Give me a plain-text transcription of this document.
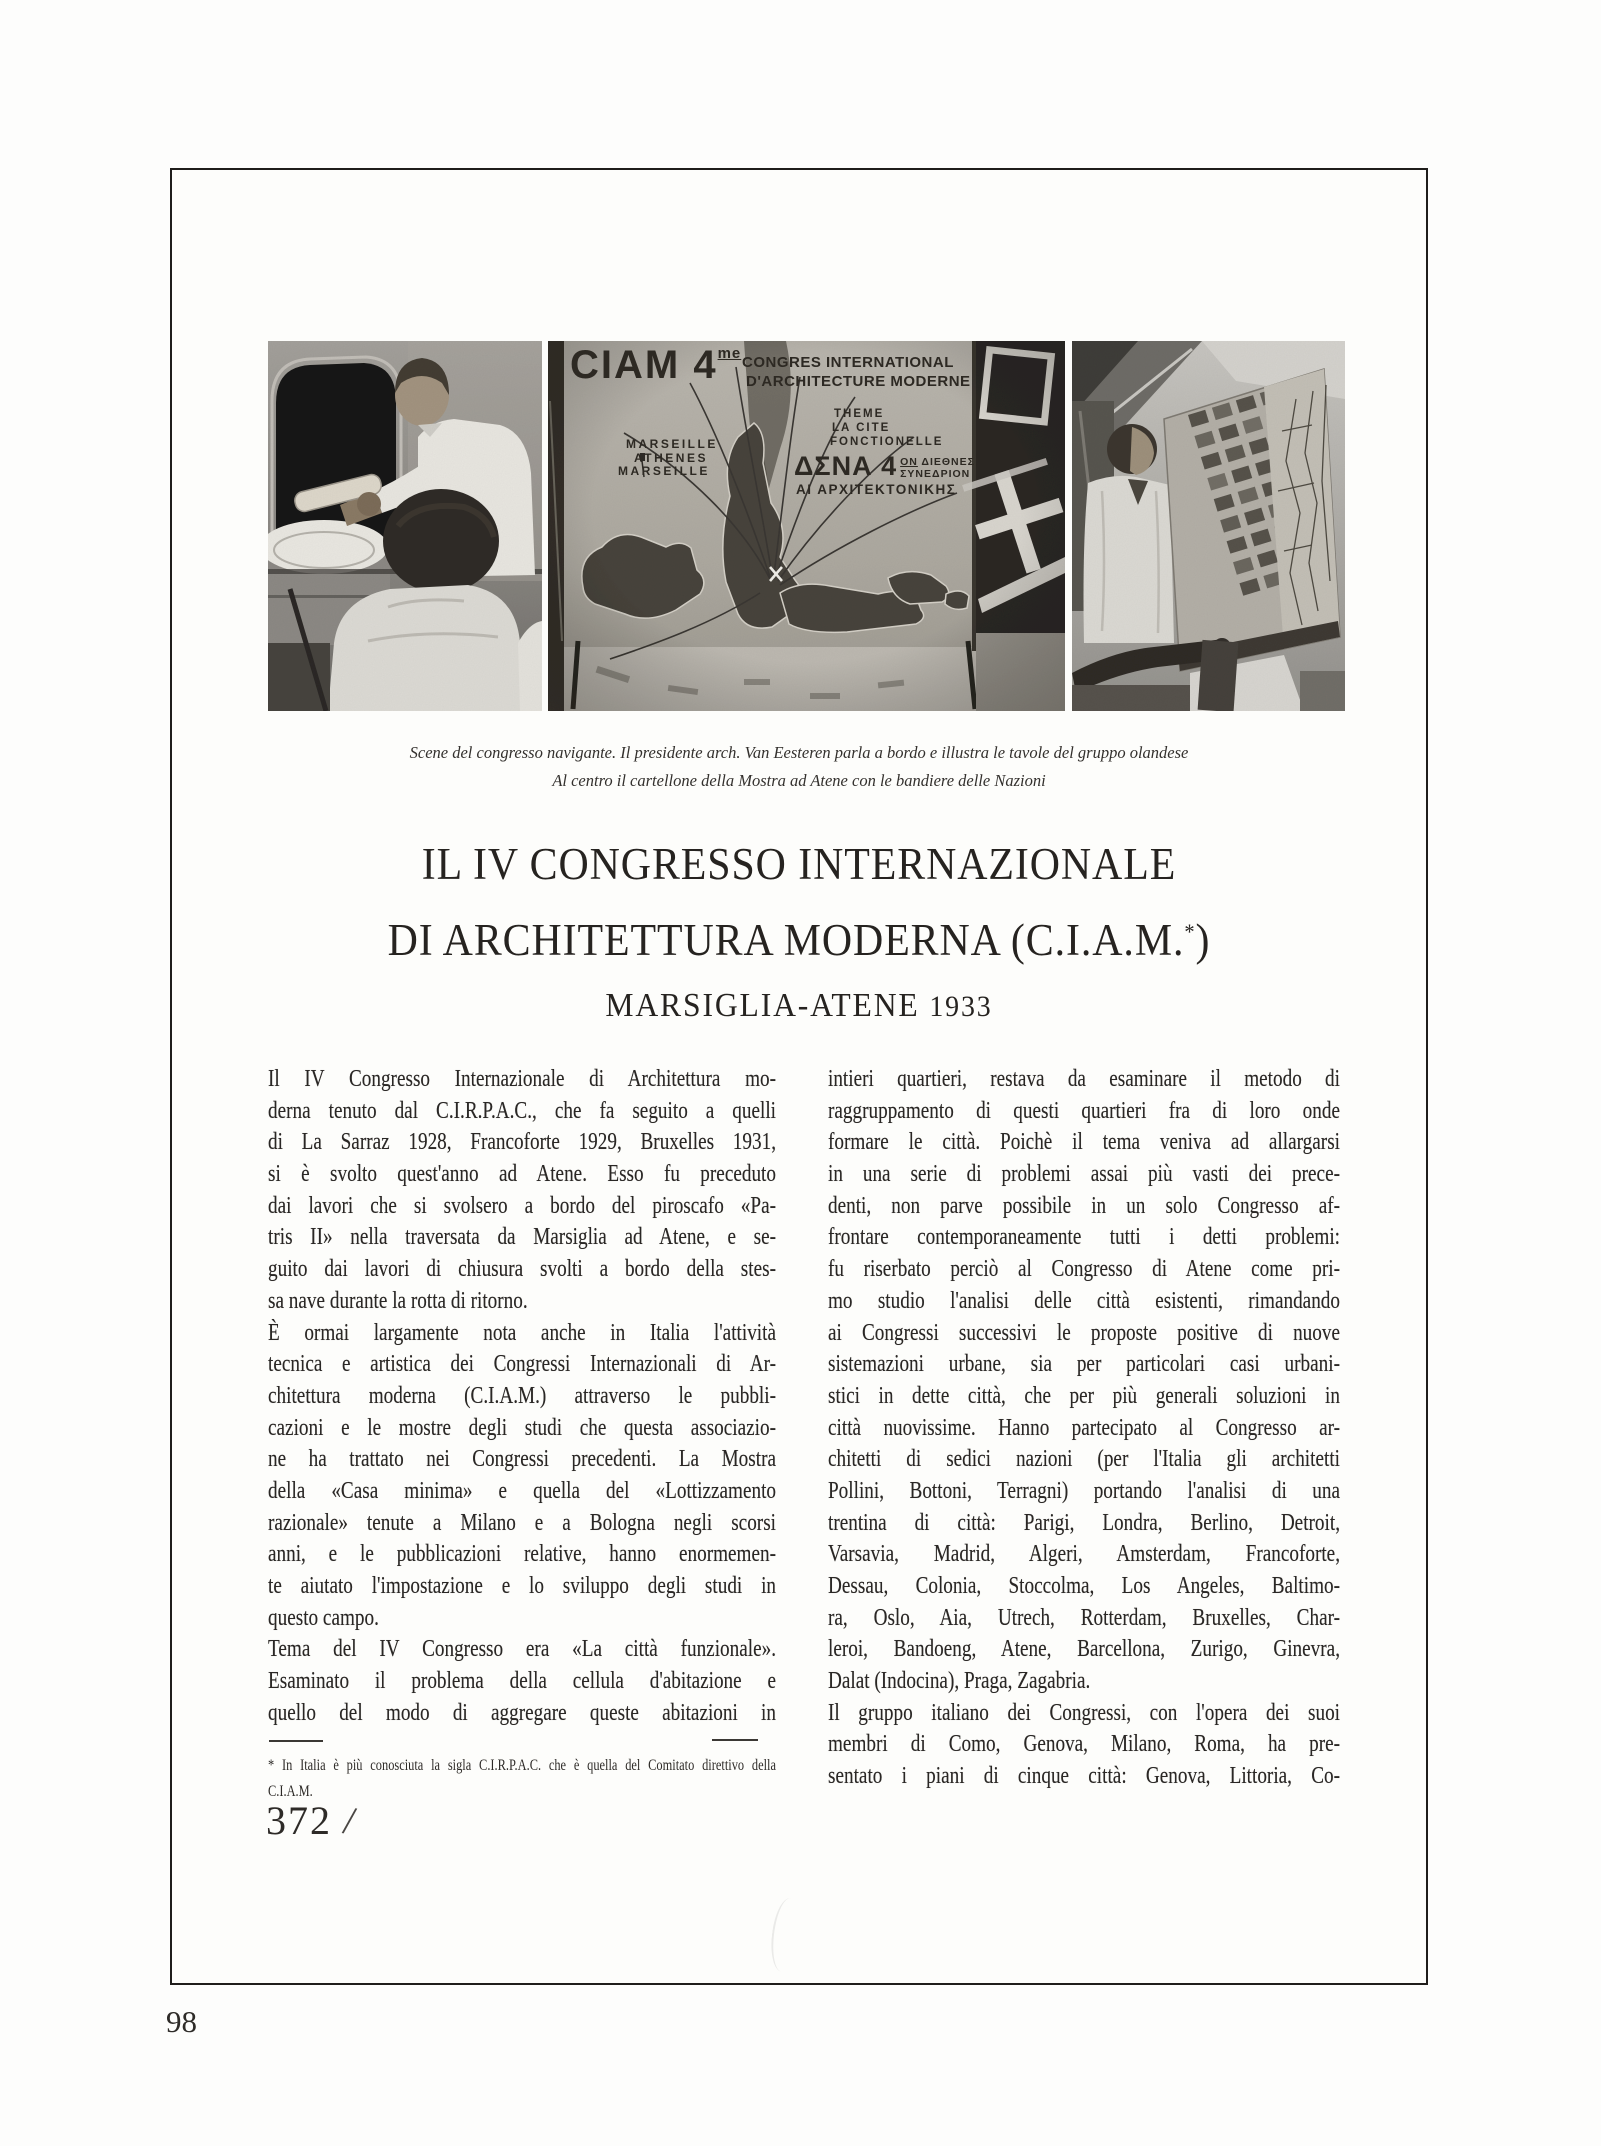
CIAM $4^{me}$
CONGRES INTERNATIONAL
D'ARCHITECTURE MODERNE
THEME
LA CITE
FONCTIONELLE
MARSEILLE
ATHENES
MARSEILLE	ΔΣΝΑ 4 ΟΝ ΔΙΕΘΝΕΣ
ΣΥΝΕΔΡΙΟΝ
ΑΙ ΑΡΧΙΤΕΚΤΟΝΙΚΗΣ
Scene del congresso navigante. Il presidente arch. Van Eesteren parla a bordo e illustra le tavole del gruppo olandese
Al centro il cartellone della Mostra ad Atene con le bandiere delle Nazioni
IL IV CONGRESSO INTERNAZIONALE
DI ARCHITETTURA MODERNA (C.I.A.M.*)
MARSIGLIA-ATENE 1933
Il IV Congresso Internazionale di Architettura mo-
derna tenuto dal C.I.R.P.A.C., che fa seguito a quelli
di La Sarraz 1928, Francoforte 1929, Bruxelles 1931,
si è svolto quest'anno ad Atene. Esso fu preceduto
dai lavori che si svolsero a bordo del piroscafo «Pa-
tris II» nella traversata da Marsiglia ad Atene, e se-
guito dai lavori di chiusura svolti a bordo della stes-
sa nave durante la rotta di ritorno.
È ormai largamente nota anche in Italia l'attività
tecnica e artistica dei Congressi Internazionali di Ar-
chitettura moderna (C.I.A.M.) attraverso le pubbli-
cazioni e le mostre degli studi che questa associazio-
ne ha trattato nei Congressi precedenti. La Mostra
della «Casa minima» e quella del «Lottizzamento
razionale» tenute a Milano e a Bologna negli scorsi
anni, e le pubblicazioni relative, hanno enormemen-
te aiutato l'impostazione e lo sviluppo degli studi in
questo campo.
Tema del IV Congresso era «La città funzionale».
Esaminato il problema della cellula d'abitazione e
quello del modo di aggregare queste abitazioni in
intieri quartieri, restava da esaminare il metodo di
raggruppamento di questi quartieri fra di loro onde
formare le città. Poichè il tema veniva ad allargarsi
in una serie di problemi assai più vasti dei prece-
denti, non parve possibile in un solo Congresso af-
frontare contemporaneamente tutti i detti problemi:
fu riserbato perciò al Congresso di Atene come pri-
mo studio l'analisi delle città esistenti, rimandando
ai Congressi successivi le proposte positive di nuove
sistemazioni urbane, sia per particolari casi urbani-
stici in dette città, che per più generali soluzioni in
città nuovissime. Hanno partecipato al Congresso ar-
chitetti di sedici nazioni (per l'Italia gli architetti
Pollini, Bottoni, Terragni) portando l'analisi di una
trentina di città: Parigi, Londra, Berlino, Detroit,
Varsavia, Madrid, Algeri, Amsterdam, Francoforte,
Dessau, Colonia, Stoccolma, Los Angeles, Baltimo-
ra, Oslo, Aia, Utrech, Rotterdam, Bruxelles, Char-
leroi, Bandoeng, Atene, Barcellona, Zurigo, Ginevra,
Dalat (Indocina), Praga, Zagabria.
Il gruppo italiano dei Congressi, con l'opera dei suoi
membri di Como, Genova, Milano, Roma, ha pre-
sentato i piani di cinque città: Genova, Littoria, Co-
* In Italia è più conosciuta la sigla C.I.R.P.A.C. che è quella del Comitato direttivo della
C.I.A.M.
372 /
98
